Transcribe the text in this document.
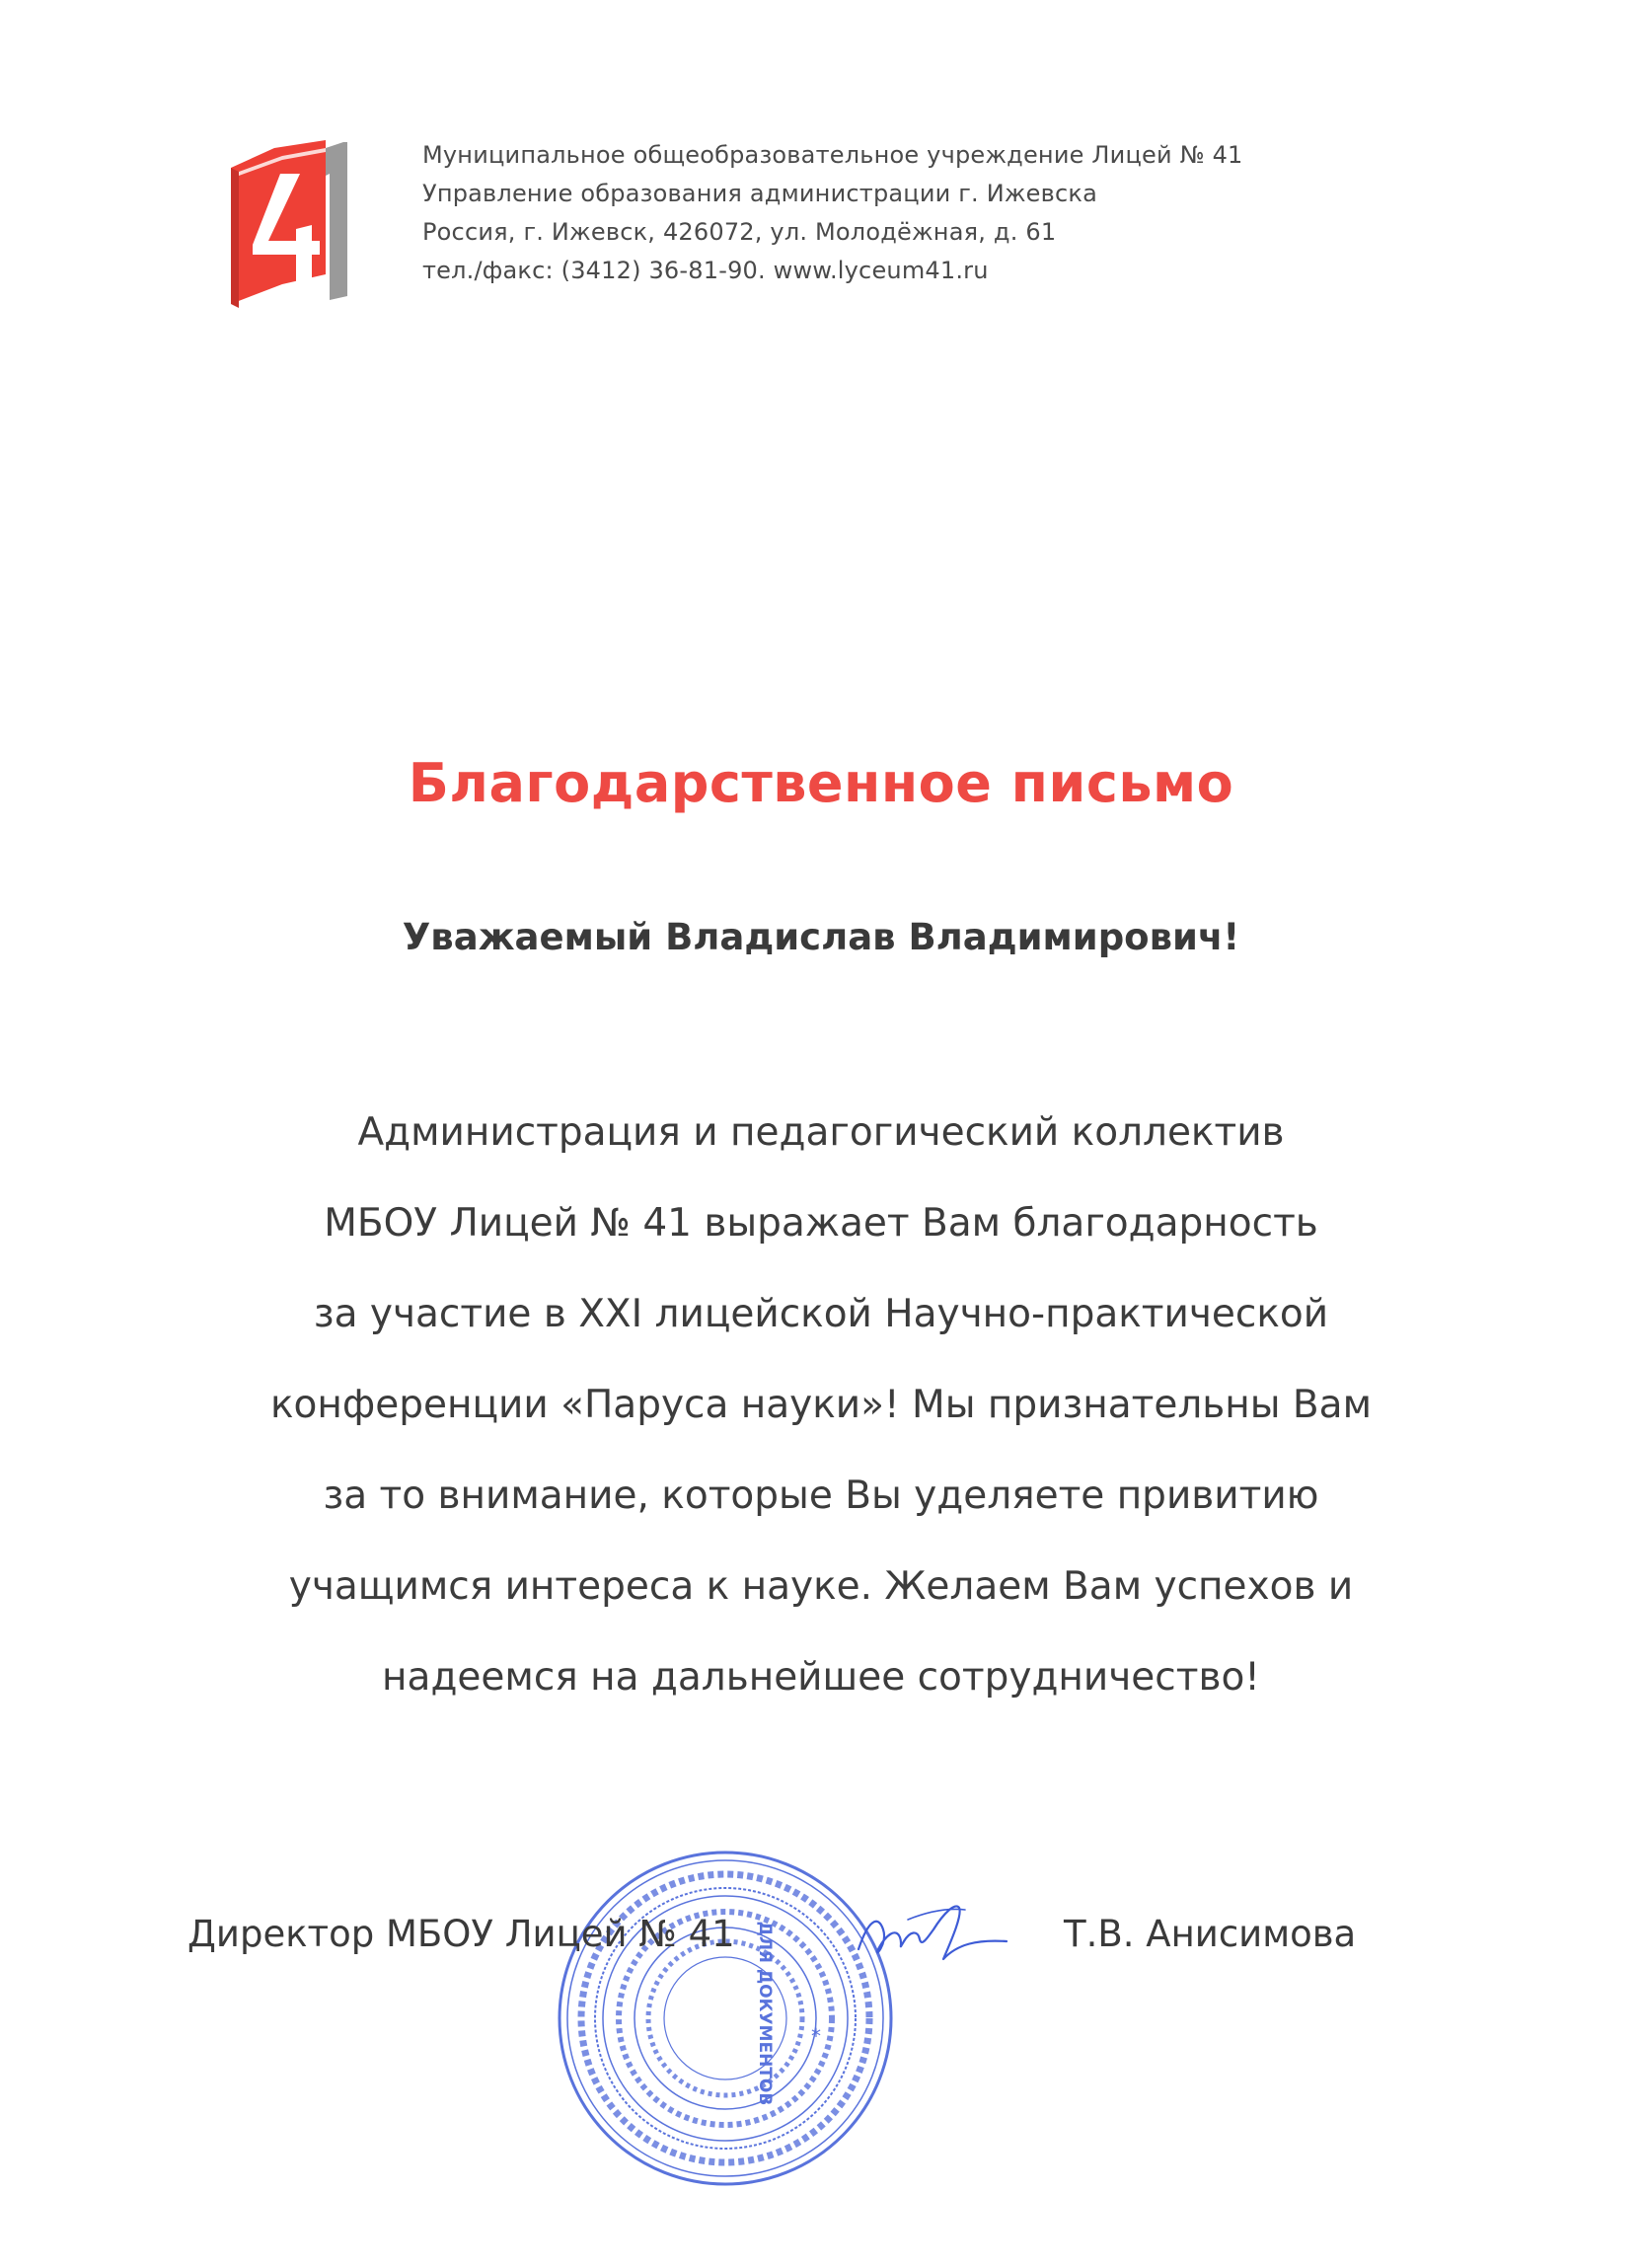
Муниципальное общеобразовательное учреждение Лицей № 41
Управление образования администрации г. Ижевска
Россия, г. Ижевск, 426072, ул. Молодёжная, д. 61
тел./факс: (3412) 36-81-90. www.lyceum41.ru
Благодарственное письмо
Уважаемый Владислав Владимирович!
Администрация и педагогический коллектив
МБОУ Лицей № 41 выражает Вам благодарность
за участие в XXI лицейской Научно-практической
конференции «Паруса науки»! Мы признательны Вам
за то внимание, которые Вы уделяете привитию
учащимся интереса к науке. Желаем Вам успехов и
надеемся на дальнейшее сотрудничество!
ДЛЯ ДОКУМЕНТОВ *
Директор МБОУ Лицей № 41	Т.В. Анисимова
